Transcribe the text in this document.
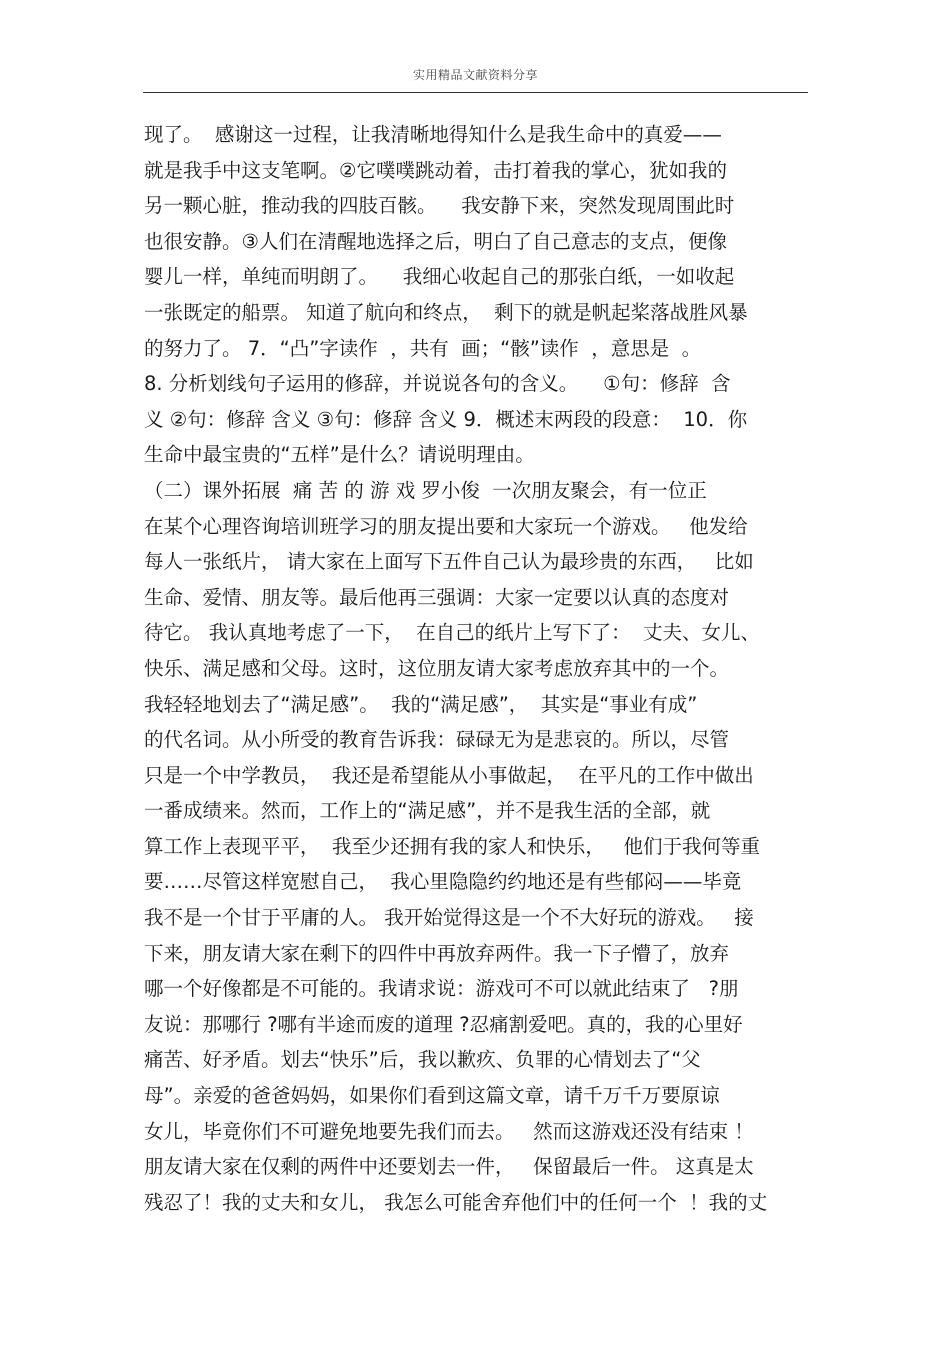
实用精品文献资料分享
现了。  感谢这一过程，让我清晰地得知什么是我生命中的真爱——
就是我手中这支笔啊。②它噗噗跳动着，击打着我的掌心，犹如我的
另一颗心脏，推动我的四肢百骸。    我安静下来，突然发现周围此时
也很安静。③人们在清醒地选择之后，明白了自己意志的支点，便像
婴儿一样，单纯而明朗了。    我细心收起自己的那张白纸，一如收起
一张既定的船票。 知道了航向和终点，  剩下的就是帆起桨落战胜风暴
的努力了。 7．“凸”字读作  ，共有  画；“骸”读作  ，意思是  。
8. 分析划线句子运用的修辞，并说说各句的含义。    ①句：修辞  含
义 ②句：修辞 含义 ③句：修辞 含义 9．概述末两段的段意：  10．你
生命中最宝贵的“五样”是什么？请说明理由。
（二）课外拓展  痛 苦 的 游 戏 罗小俊  一次朋友聚会，有一位正
在某个心理咨询培训班学习的朋友提出要和大家玩一个游戏。   他发给
每人一张纸片， 请大家在上面写下五件自己认为最珍贵的东西，   比如
生命、爱情、朋友等。最后他再三强调：大家一定要以认真的态度对
待它。 我认真地考虑了一下，  在自己的纸片上写下了：  丈夫、女儿、
快乐、满足感和父母。这时，这位朋友请大家考虑放弃其中的一个。
我轻轻地划去了“满足感”。  我的“满足感”，  其实是“事业有成”
的代名词。从小所受的教育告诉我：碌碌无为是悲哀的。所以，尽管
只是一个中学教员，  我还是希望能从小事做起，  在平凡的工作中做出
一番成绩来。然而，工作上的“满足感”，并不是我生活的全部，就
算工作上表现平平，  我至少还拥有我的家人和快乐，   他们于我何等重
要……尽管这样宽慰自己，  我心里隐隐约约地还是有些郁闷——毕竟
我不是一个甘于平庸的人。 我开始觉得这是一个不大好玩的游戏。   接
下来，朋友请大家在剩下的四件中再放弃两件。我一下子懵了，放弃
哪一个好像都是不可能的。我请求说：游戏可不可以就此结束了   ?朋
友说：那哪行 ?哪有半途而废的道理 ?忍痛割爱吧。真的，我的心里好
痛苦、好矛盾。划去“快乐”后，我以歉疚、负罪的心情划去了“父
母”。亲爱的爸爸妈妈，如果你们看到这篇文章，请千万千万要原谅
女儿，毕竟你们不可避免地要先我们而去。   然而这游戏还没有结束 ！
朋友请大家在仅剩的两件中还要划去一件，   保留最后一件。 这真是太
残忍了！我的丈夫和女儿， 我怎么可能舍弃他们中的任何一个  ！我的丈
